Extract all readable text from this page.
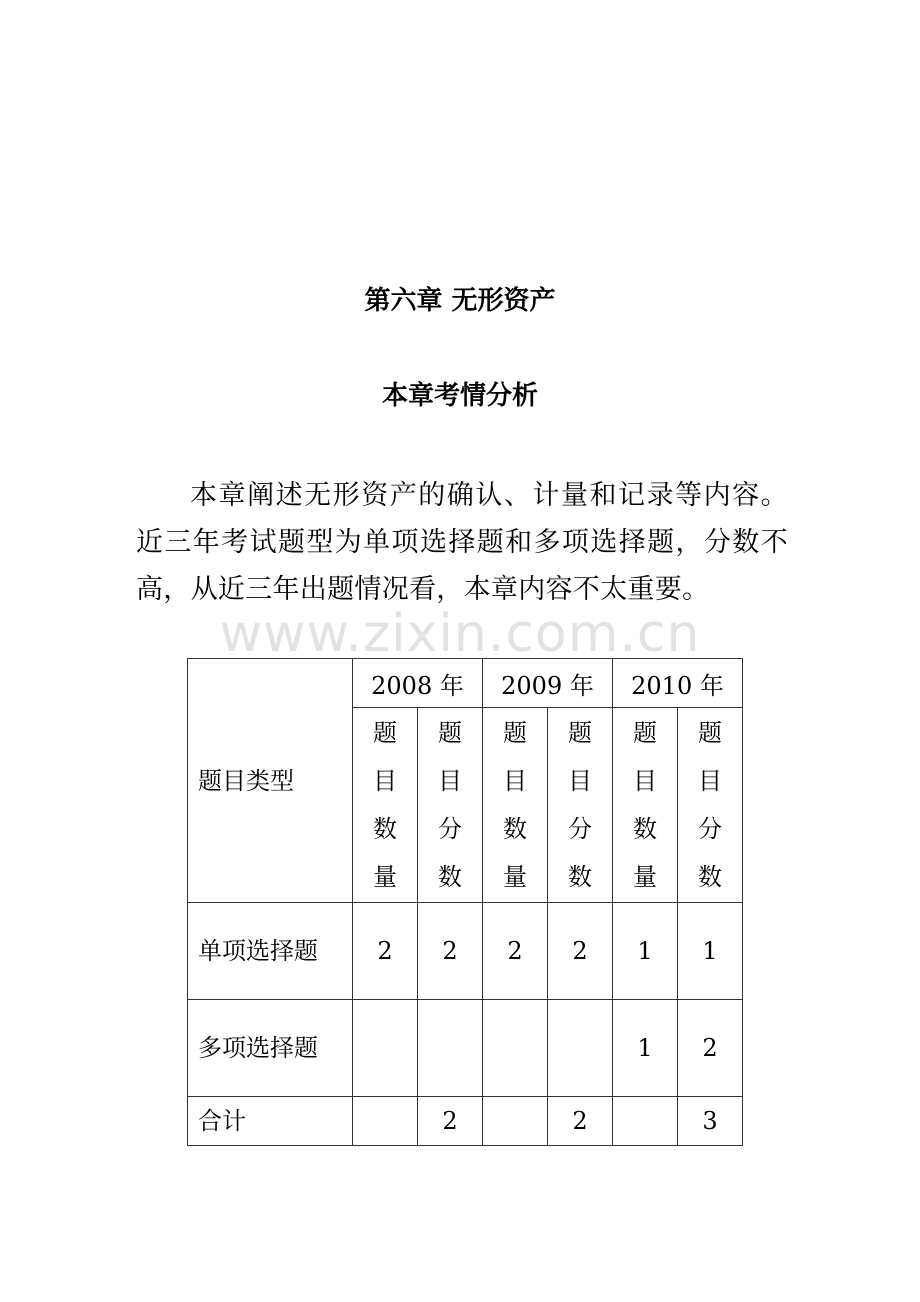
第六章 无形资产
本章考情分析

本章阐述无形资产的确认、计量和记录等内容。近三年考试题型为单项选择题和多项选择题，分数不高，从近三年出题情况看，本章内容不太重要。

www.zixin.com.cn
题目类型	2008 年		2009 年		2010 年	
	题目数量	题目分数	题目数量	题目分数	题目数量	题目分数
单项选择题	2	2	2	2	1	1
多项选择题					1	2
合计		2		2		3
